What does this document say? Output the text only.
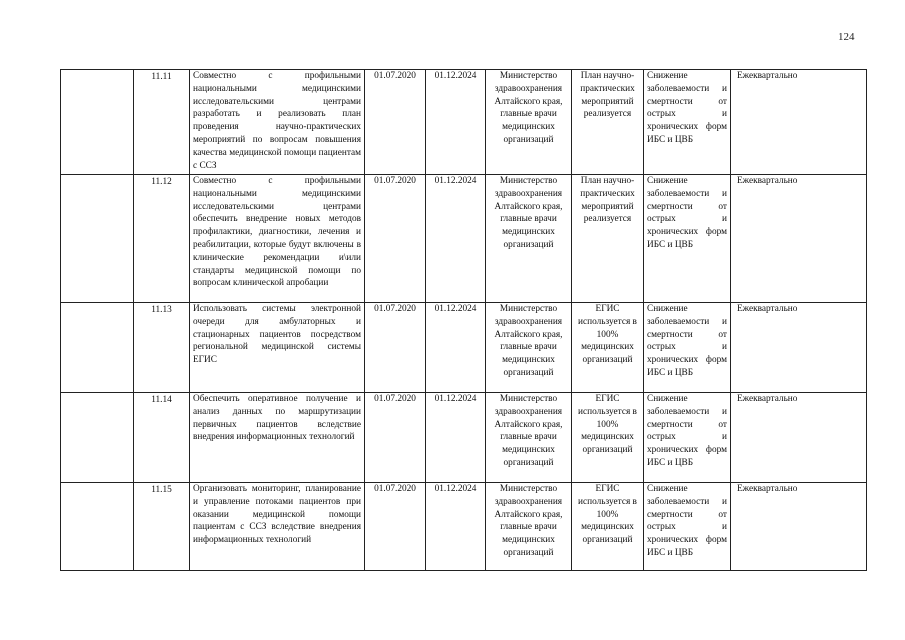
124
	11.11	Совместно с профильными национальными медицинскими исследовательскими центрами разработать и реализовать план проведения научно-практических мероприятий по вопросам повышения качества медицинской помощи пациентам с ССЗ	01.07.2020	01.12.2024	Министерство здравоохранения Алтайского края, главные врачи медицинских организаций	План научно-практических мероприятий реализуется	Снижение заболеваемости и смертности от острых и хронических форм ИБС и ЦВБ	Ежеквартально
	11.12	Совместно с профильными национальными медицинскими исследовательскими центрами обеспечить внедрение новых методов профилактики, диагностики, лечения и реабилитации, которые будут включены в клинические рекомендации и\или стандарты медицинской помощи по вопросам клинической апробации	01.07.2020	01.12.2024	Министерство здравоохранения Алтайского края, главные врачи медицинских организаций	План научно-практических мероприятий реализуется	Снижение заболеваемости и смертности от острых и хронических форм ИБС и ЦВБ	Ежеквартально
	11.13	Использовать системы электронной очереди для амбулаторных и стационарных пациентов посредством региональной медицинской системы ЕГИС	01.07.2020	01.12.2024	Министерство здравоохранения Алтайского края, главные врачи медицинских организаций	ЕГИС используется в 100% медицинских организаций	Снижение заболеваемости и смертности от острых и хронических форм ИБС и ЦВБ	Ежеквартально
	11.14	Обеспечить оперативное получение и анализ данных по маршрутизации первичных пациентов вследствие внедрения информационных технологий	01.07.2020	01.12.2024	Министерство здравоохранения Алтайского края, главные врачи медицинских организаций	ЕГИС используется в 100% медицинских организаций	Снижение заболеваемости и смертности от острых и хронических форм ИБС и ЦВБ	Ежеквартально
	11.15	Организовать мониторинг, планирование и управление потоками пациентов при оказании медицинской помощи пациентам с ССЗ вследствие внедрения информационных технологий	01.07.2020	01.12.2024	Министерство здравоохранения Алтайского края, главные врачи медицинских организаций	ЕГИС используется в 100% медицинских организаций	Снижение заболеваемости и смертности от острых и хронических форм ИБС и ЦВБ	Ежеквартально
